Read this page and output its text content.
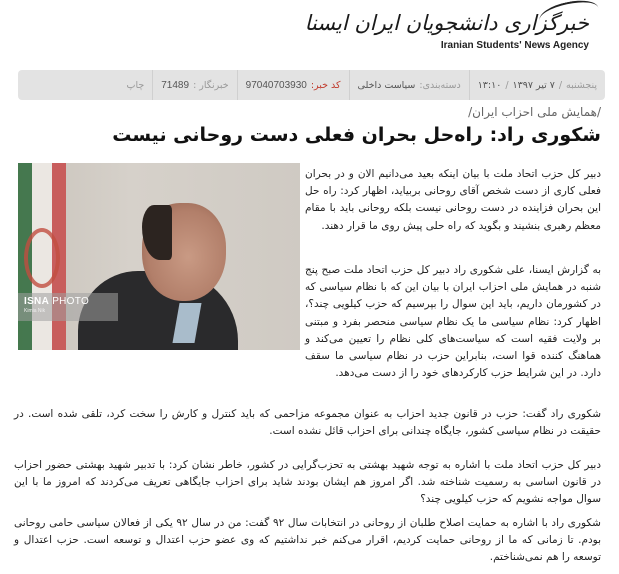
خبرگزاری دانشجویان ایران ایسنا
Iranian Students' News Agency
پنجشنبه
/
۷ تیر ۱۳۹۷
/
۱۳:۱۰
دسته‌بندی:
سیاست داخلی
کد خبر:
97040703930
خبرنگار :
71489
چاپ
/همایش ملی احزاب ایران/
شکوری راد: راه‌حل بحران فعلی دست روحانی نیست
ISNA PHOTO
Kimia Nik

دبیر کل حزب اتحاد ملت با بیان اینکه بعید می‌دانیم الان و در بحران فعلی کاری از دست شخص آقای روحانی بربیاید، اظهار کرد: راه حل این بحران فزاینده در دست روحانی نیست بلکه روحانی باید با مقام معظم رهبری بنشیند و بگوید که راه حلی پیش روی ما قرار دهند.

به گزارش ایسنا، علی شکوری راد دبیر کل حزب اتحاد ملت صبح پنج شنبه در همایش ملی احزاب ایران با بیان این که با نظام سیاسی که در کشورمان داریم، باید این سوال را بپرسیم که حزب کیلویی چند؟، اظهار کرد: نظام سیاسی ما یک نظام سیاسی منحصر بفرد و مبتنی بر ولایت فقیه است که سیاست‌های کلی نظام را تعیین می‌کند و هماهنگ کننده قوا است، بنابراین حزب در نظام سیاسی ما سقف دارد. در این شرایط حزب کارکردهای خود را از دست می‌دهد.

شکوری راد گفت: حزب در قانون جدید احزاب به عنوان مجموعه مزاحمی که باید کنترل و کارش را سخت کرد، تلقی شده است. در حقیقت در نظام سیاسی کشور، جایگاه چندانی برای احزاب قائل نشده است.

دبیر کل حزب اتحاد ملت با اشاره به توجه شهید بهشتی به تحزب‌گرایی در کشور، خاطر نشان کرد: با تدبیر شهید بهشتی حضور احزاب در قانون اساسی به رسمیت شناخته شد. اگر امروز هم ایشان بودند شاید برای احزاب جایگاهی تعریف می‌کردند که امروز ما با این سوال مواجه نشویم که حزب کیلویی چند؟

شکوری راد با اشاره به حمایت اصلاح طلبان از روحانی در انتخابات سال ۹۲ گفت: من در سال ۹۲ یکی از فعالان سیاسی حامی روحانی بودم. تا زمانی که ما از روحانی حمایت کردیم، اقرار می‌کنم خبر نداشتیم که وی عضو حزب اعتدال و توسعه است. حزب اعتدال و توسعه را هم نمی‌شناختم.
